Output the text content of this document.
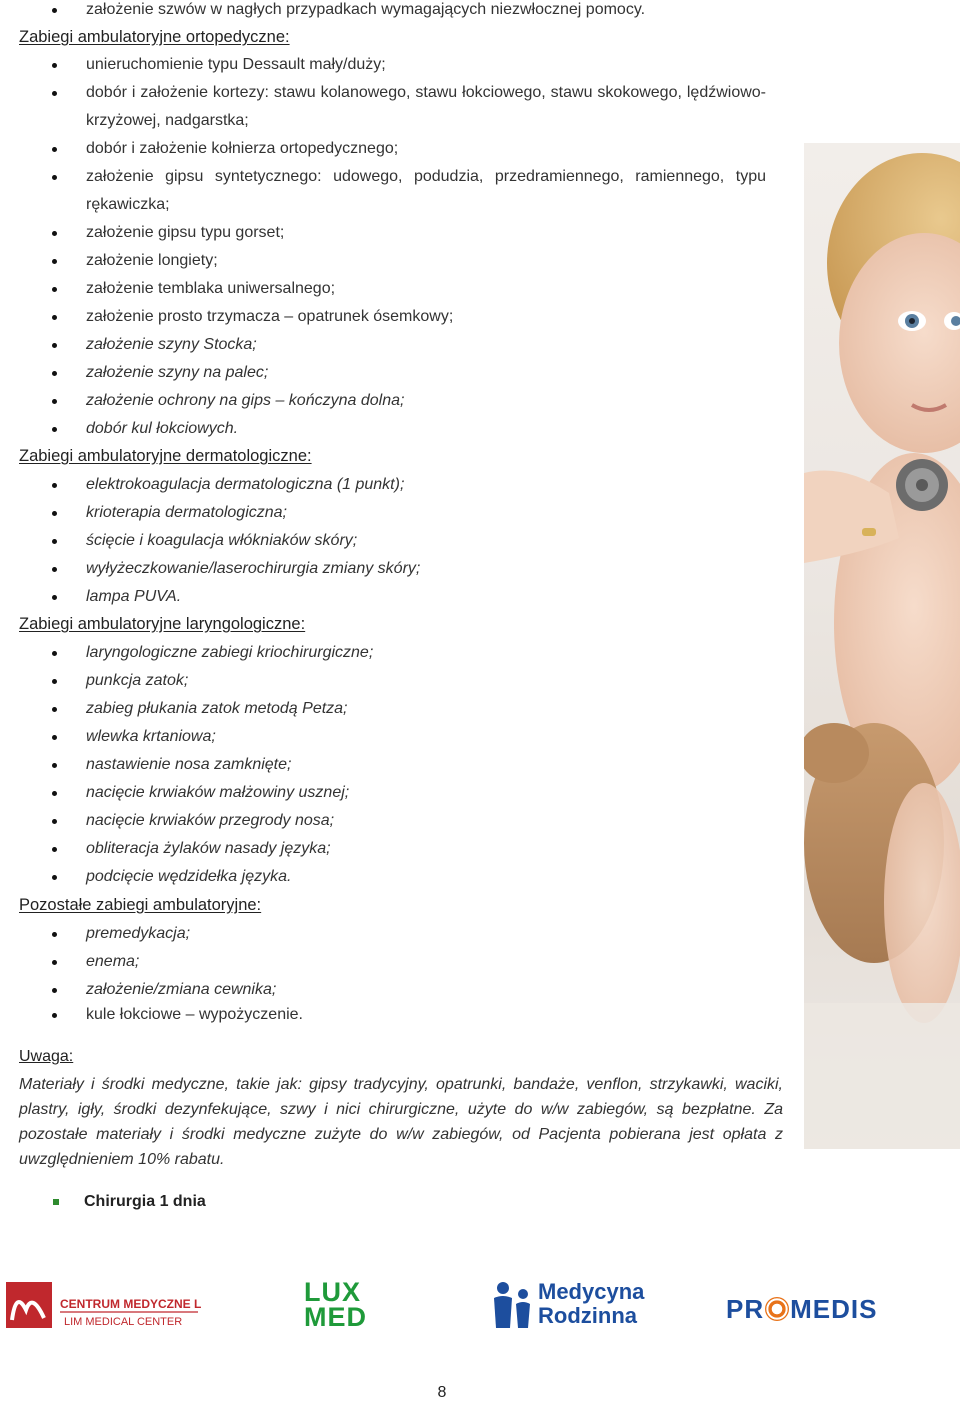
założenie szwów w nagłych przypadkach wymagających niezwłocznej pomocy.
Zabiegi ambulatoryjne ortopedyczne:
unieruchomienie typu Dessault mały/duży;
dobór i założenie kortezy: stawu kolanowego, stawu łokciowego, stawu skokowego, lędźwiowo-krzyżowej, nadgarstka;
dobór i założenie kołnierza ortopedycznego;
założenie gipsu syntetycznego: udowego, podudzia, przedramiennego, ramiennego, typu rękawiczka;
założenie gipsu typu gorset;
założenie longiety;
założenie temblaka uniwersalnego;
założenie prosto trzymacza – opatrunek ósemkowy;
założenie szyny Stocka;
założenie szyny na palec;
założenie ochrony na gips – kończyna dolna;
dobór kul łokciowych.
Zabiegi ambulatoryjne dermatologiczne:
elektrokoagulacja dermatologiczna (1 punkt);
krioterapia dermatologiczna;
ścięcie i koagulacja włókniaków skóry;
wyłyżeczkowanie/laserochirurgia zmiany skóry;
lampa PUVA.
Zabiegi ambulatoryjne laryngologiczne:
laryngologiczne zabiegi kriochirurgiczne;
punkcja zatok;
zabieg płukania zatok metodą Petza;
wlewka krtaniowa;
nastawienie nosa zamknięte;
nacięcie krwiaków małżowiny usznej;
nacięcie krwiaków przegrody nosa;
obliteracja żylaków nasady języka;
podcięcie wędzidełka języka.
Pozostałe zabiegi ambulatoryjne:
premedykacja;
enema;
założenie/zmiana cewnika;
kule łokciowe – wypożyczenie.
Uwaga:
Materiały i środki medyczne, takie jak: gipsy tradycyjny, opatrunki, bandaże, venflon, strzykawki, waciki, plastry, igły, środki dezynfekujące, szwy i nici chirurgiczne, użyte do w/w zabiegów, są bezpłatne. Za pozostałe materiały i środki medyczne zużyte do w/w zabiegów, od Pacjenta pobierana jest opłata z uwzględnieniem 10% rabatu.
Chirurgia 1 dnia
CENTRUM MEDYCZNE LIM
LIM MEDICAL CENTER
LUX
MED
Medycyna
Rodzinna	PR MEDIS
8
